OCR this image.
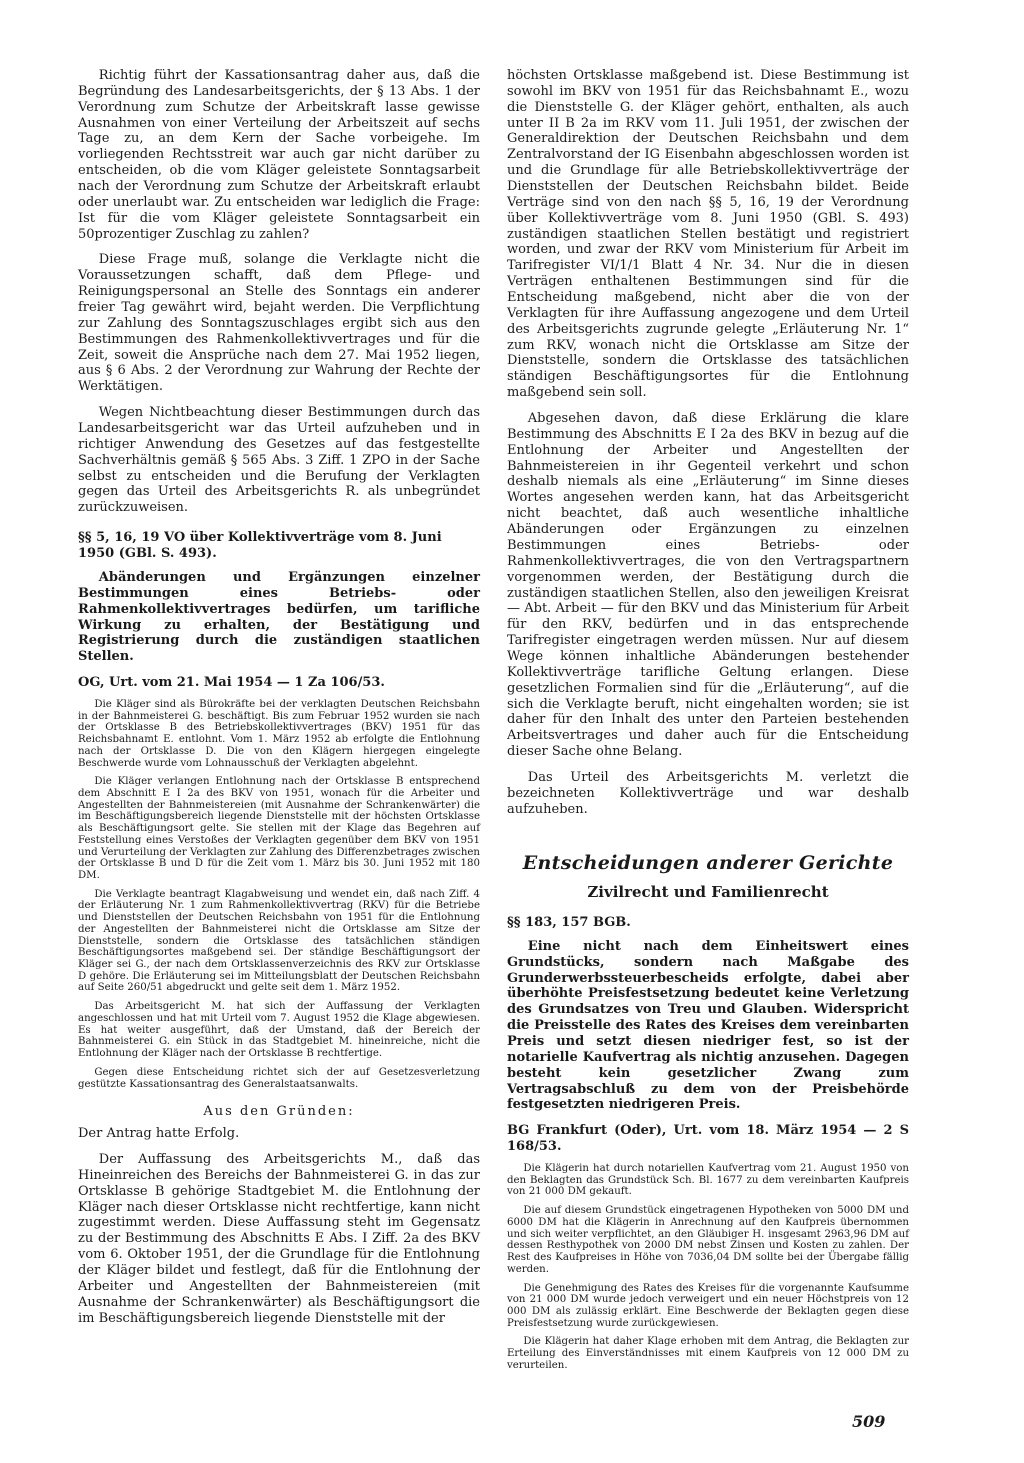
Richtig führt der Kassationsantrag daher aus, daß die Begründung des Landesarbeitsgerichts, der § 13 Abs. 1 der Verordnung zum Schutze der Arbeitskraft lasse gewisse Ausnahmen von einer Verteilung der Arbeitszeit auf sechs Tage zu, an dem Kern der Sache vorbeigehe. Im vorliegenden Rechtsstreit war auch gar nicht darüber zu entscheiden, ob die vom Kläger geleistete Sonntagsarbeit nach der Verordnung zum Schutze der Arbeitskraft erlaubt oder unerlaubt war. Zu entscheiden war lediglich die Frage: Ist für die vom Kläger geleistete Sonntagsarbeit ein 50prozentiger Zuschlag zu zahlen?

Diese Frage muß, solange die Verklagte nicht die Voraussetzungen schafft, daß dem Pflege- und Reinigungspersonal an Stelle des Sonntags ein anderer freier Tag gewährt wird, bejaht werden. Die Verpflichtung zur Zahlung des Sonntagszuschlages ergibt sich aus den Bestimmungen des Rahmenkollektivvertrages und für die Zeit, soweit die Ansprüche nach dem 27. Mai 1952 liegen, aus § 6 Abs. 2 der Verordnung zur Wahrung der Rechte der Werktätigen.

Wegen Nichtbeachtung dieser Bestimmungen durch das Landesarbeitsgericht war das Urteil aufzuheben und in richtiger Anwendung des Gesetzes auf das festgestellte Sachverhältnis gemäß § 565 Abs. 3 Ziff. 1 ZPO in der Sache selbst zu entscheiden und die Berufung der Verklagten gegen das Urteil des Arbeitsgerichts R. als unbegründet zurückzuweisen.

§§ 5, 16, 19 VO über Kollektivverträge vom 8. Juni 1950 (GBl. S. 493).

Abänderungen und Ergänzungen einzelner Bestimmungen eines Betriebs- oder Rahmenkollektivvertrages bedürfen, um tarifliche Wirkung zu erhalten, der Bestätigung und Registrierung durch die zuständigen staatlichen Stellen.

OG, Urt. vom 21. Mai 1954 — 1 Za 106/53.

Die Kläger sind als Bürokräfte bei der verklagten Deutschen Reichsbahn in der Bahnmeisterei G. beschäftigt. Bis zum Februar 1952 wurden sie nach der Ortsklasse B des Betriebskollektivvertrages (BKV) 1951 für das Reichsbahnamt E. entlohnt. Vom 1. März 1952 ab erfolgte die Entlohnung nach der Ortsklasse D. Die von den Klägern hiergegen eingelegte Beschwerde wurde vom Lohnausschuß der Verklagten abgelehnt.

Die Kläger verlangen Entlohnung nach der Ortsklasse B entsprechend dem Abschnitt E I 2a des BKV von 1951, wonach für die Arbeiter und Angestellten der Bahnmeistereien (mit Ausnahme der Schrankenwärter) die im Beschäftigungsbereich liegende Dienststelle mit der höchsten Ortsklasse als Beschäftigungsort gelte. Sie stellen mit der Klage das Begehren auf Feststellung eines Verstoßes der Verklagten gegenüber dem BKV von 1951 und Verurteilung der Verklagten zur Zahlung des Differenzbetrages zwischen der Ortsklasse B und D für die Zeit vom 1. März bis 30. Juni 1952 mit 180 DM.

Die Verklagte beantragt Klagabweisung und wendet ein, daß nach Ziff. 4 der Erläuterung Nr. 1 zum Rahmenkollektivvertrag (RKV) für die Betriebe und Dienststellen der Deutschen Reichsbahn von 1951 für die Entlohnung der Angestellten der Bahnmeisterei nicht die Ortsklasse am Sitze der Dienststelle, sondern die Ortsklasse des tatsächlichen ständigen Beschäftigungsortes maßgebend sei. Der ständige Beschäftigungsort der Kläger sei G., der nach dem Ortsklassenverzeichnis des RKV zur Ortsklasse D gehöre. Die Erläuterung sei im Mitteilungsblatt der Deutschen Reichsbahn auf Seite 260/51 abgedruckt und gelte seit dem 1. März 1952.

Das Arbeitsgericht M. hat sich der Auffassung der Verklagten angeschlossen und hat mit Urteil vom 7. August 1952 die Klage abgewiesen. Es hat weiter ausgeführt, daß der Umstand, daß der Bereich der Bahnmeisterei G. ein Stück in das Stadtgebiet M. hineinreiche, nicht die Entlohnung der Kläger nach der Ortsklasse B rechtfertige.

Gegen diese Entscheidung richtet sich der auf Gesetzesverletzung gestützte Kassationsantrag des Generalstaatsanwalts.

Aus den Gründen:

Der Antrag hatte Erfolg.

Der Auffassung des Arbeitsgerichts M., daß das Hineinreichen des Bereichs der Bahnmeisterei G. in das zur Ortsklasse B gehörige Stadtgebiet M. die Entlohnung der Kläger nach dieser Ortsklasse nicht rechtfertige, kann nicht zugestimmt werden. Diese Auffassung steht im Gegensatz zu der Bestimmung des Abschnitts E Abs. I Ziff. 2a des BKV vom 6. Oktober 1951, der die Grundlage für die Entlohnung der Kläger bildet und festlegt, daß für die Entlohnung der Arbeiter und Angestellten der Bahnmeistereien (mit Ausnahme der Schrankenwärter) als Beschäftigungsort die im Beschäftigungsbereich liegende Dienststelle mit der

höchsten Ortsklasse maßgebend ist. Diese Bestimmung ist sowohl im BKV von 1951 für das Reichsbahnamt E., wozu die Dienststelle G. der Kläger gehört, enthalten, als auch unter II B 2a im RKV vom 11. Juli 1951, der zwischen der Generaldirektion der Deutschen Reichsbahn und dem Zentralvorstand der IG Eisenbahn abgeschlossen worden ist und die Grundlage für alle Betriebskollektivverträge der Dienststellen der Deutschen Reichsbahn bildet. Beide Verträge sind von den nach §§ 5, 16, 19 der Verordnung über Kollektivverträge vom 8. Juni 1950 (GBl. S. 493) zuständigen staatlichen Stellen bestätigt und registriert worden, und zwar der RKV vom Ministerium für Arbeit im Tarifregister VI/1/1 Blatt 4 Nr. 34. Nur die in diesen Verträgen enthaltenen Bestimmungen sind für die Entscheidung maßgebend, nicht aber die von der Verklagten für ihre Auffassung angezogene und dem Urteil des Arbeitsgerichts zugrunde gelegte „Erläuterung Nr. 1“ zum RKV, wonach nicht die Ortsklasse am Sitze der Dienststelle, sondern die Ortsklasse des tatsächlichen ständigen Beschäftigungsortes für die Entlohnung maßgebend sein soll.

Abgesehen davon, daß diese Erklärung die klare Bestimmung des Abschnitts E I 2a des BKV in bezug auf die Entlohnung der Arbeiter und Angestellten der Bahnmeistereien in ihr Gegenteil verkehrt und schon deshalb niemals als eine „Erläuterung“ im Sinne dieses Wortes angesehen werden kann, hat das Arbeitsgericht nicht beachtet, daß auch wesentliche inhaltliche Abänderungen oder Ergänzungen zu einzelnen Bestimmungen eines Betriebs- oder Rahmenkollektivvertrages, die von den Vertragspartnern vorgenommen werden, der Bestätigung durch die zuständigen staatlichen Stellen, also den jeweiligen Kreisrat — Abt. Arbeit — für den BKV und das Ministerium für Arbeit für den RKV, bedürfen und in das entsprechende Tarifregister eingetragen werden müssen. Nur auf diesem Wege können inhaltliche Abänderungen bestehender Kollektivverträge tarifliche Geltung erlangen. Diese gesetzlichen Formalien sind für die „Erläuterung“, auf die sich die Verklagte beruft, nicht eingehalten worden; sie ist daher für den Inhalt des unter den Parteien bestehenden Arbeitsvertrages und daher auch für die Entscheidung dieser Sache ohne Belang.

Das Urteil des Arbeitsgerichts M. verletzt die bezeichneten Kollektivverträge und war deshalb aufzuheben.

Entscheidungen anderer Gerichte

Zivilrecht und Familienrecht

§§ 183, 157 BGB.

Eine nicht nach dem Einheitswert eines Grundstücks, sondern nach Maßgabe des Grunderwerbssteuerbescheids erfolgte, dabei aber überhöhte Preisfestsetzung bedeutet keine Verletzung des Grundsatzes von Treu und Glauben. Widerspricht die Preisstelle des Rates des Kreises dem vereinbarten Preis und setzt diesen niedriger fest, so ist der notarielle Kaufvertrag als nichtig anzusehen. Dagegen besteht kein gesetzlicher Zwang zum Vertragsabschluß zu dem von der Preisbehörde festgesetzten niedrigeren Preis.

BG Frankfurt (Oder), Urt. vom 18. März 1954 — 2 S 168/53.

Die Klägerin hat durch notariellen Kaufvertrag vom 21. August 1950 von den Beklagten das Grundstück Sch. Bl. 1677 zu dem vereinbarten Kaufpreis von 21 000 DM gekauft.

Die auf diesem Grundstück eingetragenen Hypotheken von 5000 DM und 6000 DM hat die Klägerin in Anrechnung auf den Kaufpreis übernommen und sich weiter verpflichtet, an den Gläubiger H. insgesamt 2963,96 DM auf dessen Resthypothek von 2000 DM nebst Zinsen und Kosten zu zahlen. Der Rest des Kaufpreises in Höhe von 7036,04 DM sollte bei der Übergabe fällig werden.

Die Genehmigung des Rates des Kreises für die vorgenannte Kaufsumme von 21 000 DM wurde jedoch verweigert und ein neuer Höchstpreis von 12 000 DM als zulässig erklärt. Eine Beschwerde der Beklagten gegen diese Preisfestsetzung wurde zurückgewiesen.

Die Klägerin hat daher Klage erhoben mit dem Antrag, die Beklagten zur Erteilung des Einverständnisses mit einem Kaufpreis von 12 000 DM zu verurteilen.

509
